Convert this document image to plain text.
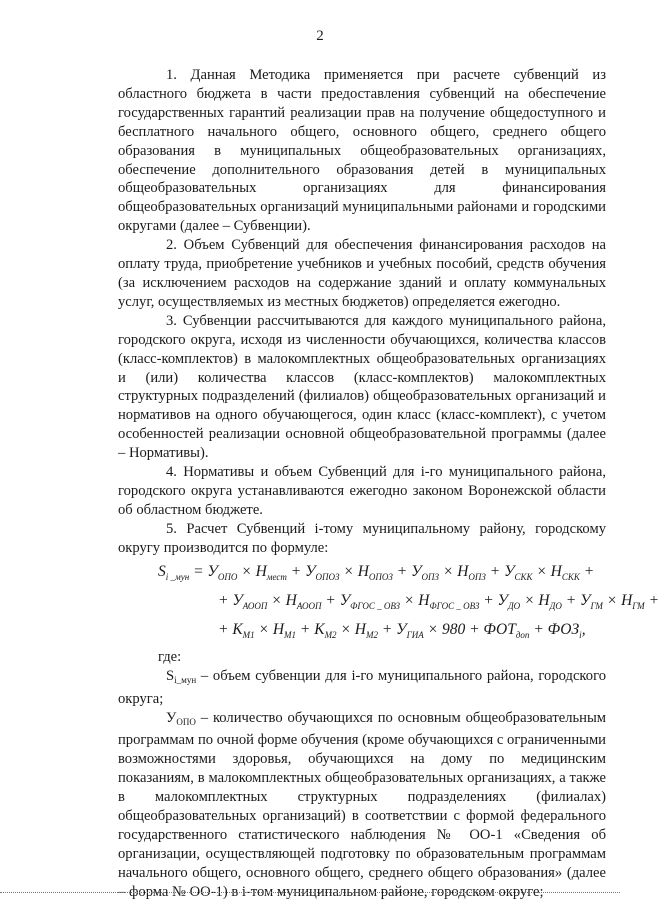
2

1. Данная Методика применяется при расчете субвенций из областного бюджета в части предоставления субвенций на обеспечение государственных гарантий реализации прав на получение общедоступного и бесплатного начального общего, основного общего, среднего общего образования в муниципальных общеобразовательных организациях, обеспечение дополнительного образования детей в муниципальных общеобразовательных организациях для финансирования общеобразовательных организаций муниципальными районами и городскими округами (далее – Субвенции).

2. Объем Субвенций для обеспечения финансирования расходов на оплату труда, приобретение учебников и учебных пособий, средств обучения (за исключением расходов на содержание зданий и оплату коммунальных услуг, осуществляемых из местных бюджетов) определяется ежегодно.

3. Субвенции рассчитываются для каждого муниципального района, городского округа, исходя из численности обучающихся, количества классов (класс-комплектов) в малокомплектных общеобразовательных организациях и (или) количества классов (класс-комплектов) малокомплектных структурных подразделений (филиалов) общеобразовательных организаций и нормативов на одного обучающегося, один класс (класс-комплект), с учетом особенностей реализации основной общеобразовательной программы (далее – Нормативы).

4. Нормативы и объем Субвенций для i-го муниципального района, городского округа устанавливаются ежегодно законом Воронежской области об областном бюджете.

5. Расчет Субвенций i-тому муниципальному району, городскому округу производится по формуле:

$S_{i \_мун} = У_{ОПО} \times Н_{мест} + У_{ОПОЗ} \times Н_{ОПОЗ} + У_{ОПЗ} \times Н_{ОПЗ} + У_{СКК} \times Н_{СКК}$ +
+ $У_{АООП} \times Н_{АООП} + У_{ФГОС \_ ОВЗ} \times Н_{ФГОС \_ ОВЗ} + У_{ДО} \times Н_{ДО} + У_{ГМ} \times Н_{ГМ}$ +
+ $К_{М1} \times Н_{М1} + К_{М2} \times Н_{М2} + У_{ГИА} \times 980 + ФОТ_{доп} + ФОЗ_i$,

где:

$S_{i\_мун}$ – объем субвенции для i-го муниципального района, городского округа;

$У_{ОПО}$ – количество обучающихся по основным общеобразовательным программам по очной форме обучения (кроме обучающихся с ограниченными возможностями здоровья, обучающихся на дому по медицинским показаниям, в малокомплектных общеобразовательных организациях, а также в малокомплектных структурных подразделениях (филиалах) общеобразовательных организаций) в соответствии с формой федерального государственного статистического наблюдения № ОО-1 «Сведения об организации, осуществляющей подготовку по образовательным программам начального общего, основного общего, среднего общего образования» (далее – форма № ОО-1) в i-том муниципальном районе, городском округе;
